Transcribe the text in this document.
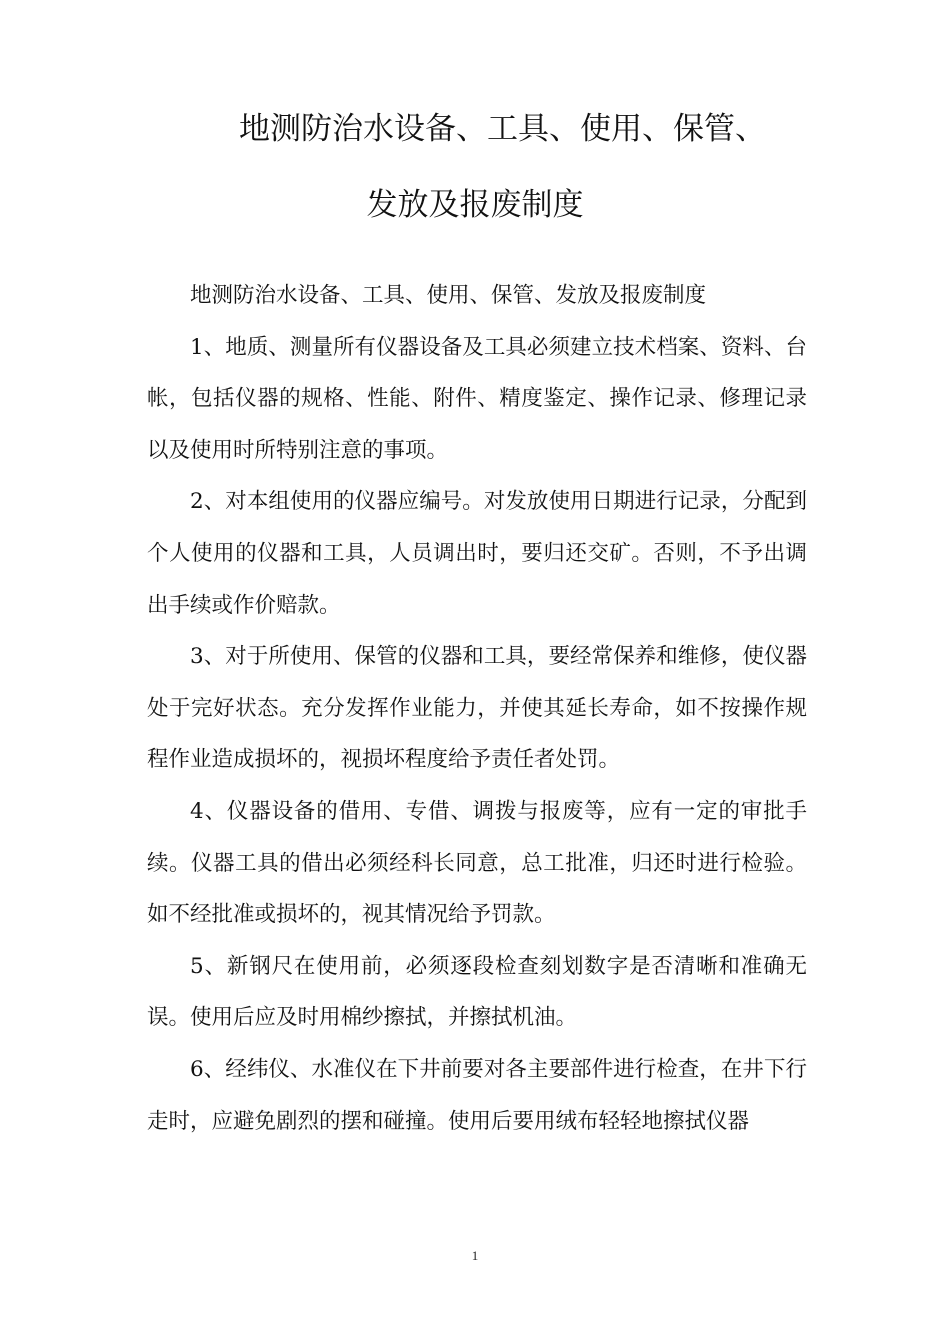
地测防治水设备、工具、使用、保管、
发放及报废制度

地测防治水设备、工具、使用、保管、发放及报废制度

1、地质、测量所有仪器设备及工具必须建立技术档案、资料、台帐，包括仪器的规格、性能、附件、精度鉴定、操作记录、修理记录以及使用时所特别注意的事项。

2、对本组使用的仪器应编号。对发放使用日期进行记录，分配到个人使用的仪器和工具，人员调出时，要归还交矿。否则，不予出调出手续或作价赔款。

3、对于所使用、保管的仪器和工具，要经常保养和维修，使仪器处于完好状态。充分发挥作业能力，并使其延长寿命，如不按操作规程作业造成损坏的，视损坏程度给予责任者处罚。

4、仪器设备的借用、专借、调拨与报废等，应有一定的审批手续。仪器工具的借出必须经科长同意，总工批准，归还时进行检验。如不经批准或损坏的，视其情况给予罚款。

5、新钢尺在使用前，必须逐段检查刻划数字是否清晰和准确无误。使用后应及时用棉纱擦拭，并擦拭机油。

6、经纬仪、水准仪在下井前要对各主要部件进行检查，在井下行走时，应避免剧烈的摆和碰撞。使用后要用绒布轻轻地擦拭仪器

1
